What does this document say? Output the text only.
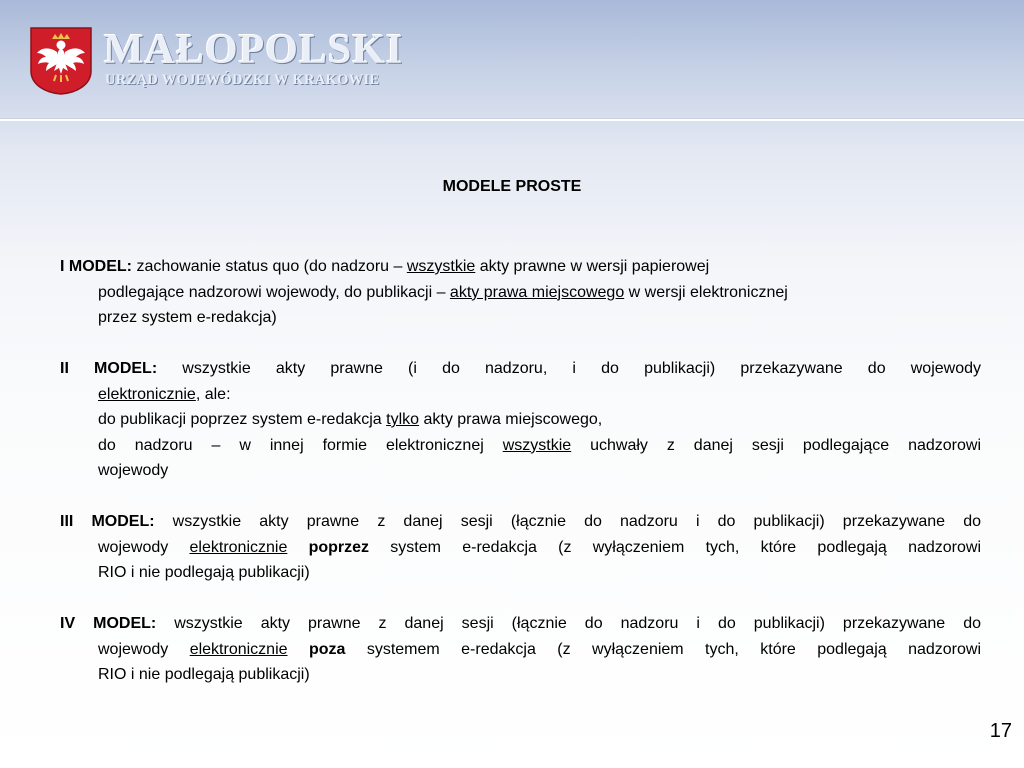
MAŁOPOLSKI
URZĄD WOJEWÓDZKI W KRAKOWIE
MODELE PROSTE
I MODEL: zachowanie status quo (do nadzoru – wszystkie akty prawne w wersji papierowej
podlegające nadzorowi wojewody, do publikacji – akty prawa miejscowego w wersji elektronicznej
przez system e-redakcja)
II MODEL: wszystkie akty prawne (i do nadzoru, i do publikacji) przekazywane do wojewody
elektronicznie, ale:
do publikacji poprzez system e-redakcja tylko akty prawa miejscowego,
do nadzoru – w innej formie elektronicznej wszystkie uchwały z danej sesji podlegające nadzorowi
wojewody
III MODEL: wszystkie akty prawne z danej sesji (łącznie do nadzoru i do publikacji) przekazywane do
wojewody elektronicznie poprzez system e-redakcja (z wyłączeniem tych, które podlegają nadzorowi
RIO i nie podlegają publikacji)
IV MODEL: wszystkie akty prawne z danej sesji (łącznie do nadzoru i do publikacji) przekazywane do
wojewody elektronicznie poza systemem e-redakcja (z wyłączeniem tych, które podlegają nadzorowi
RIO i nie podlegają publikacji)
17
